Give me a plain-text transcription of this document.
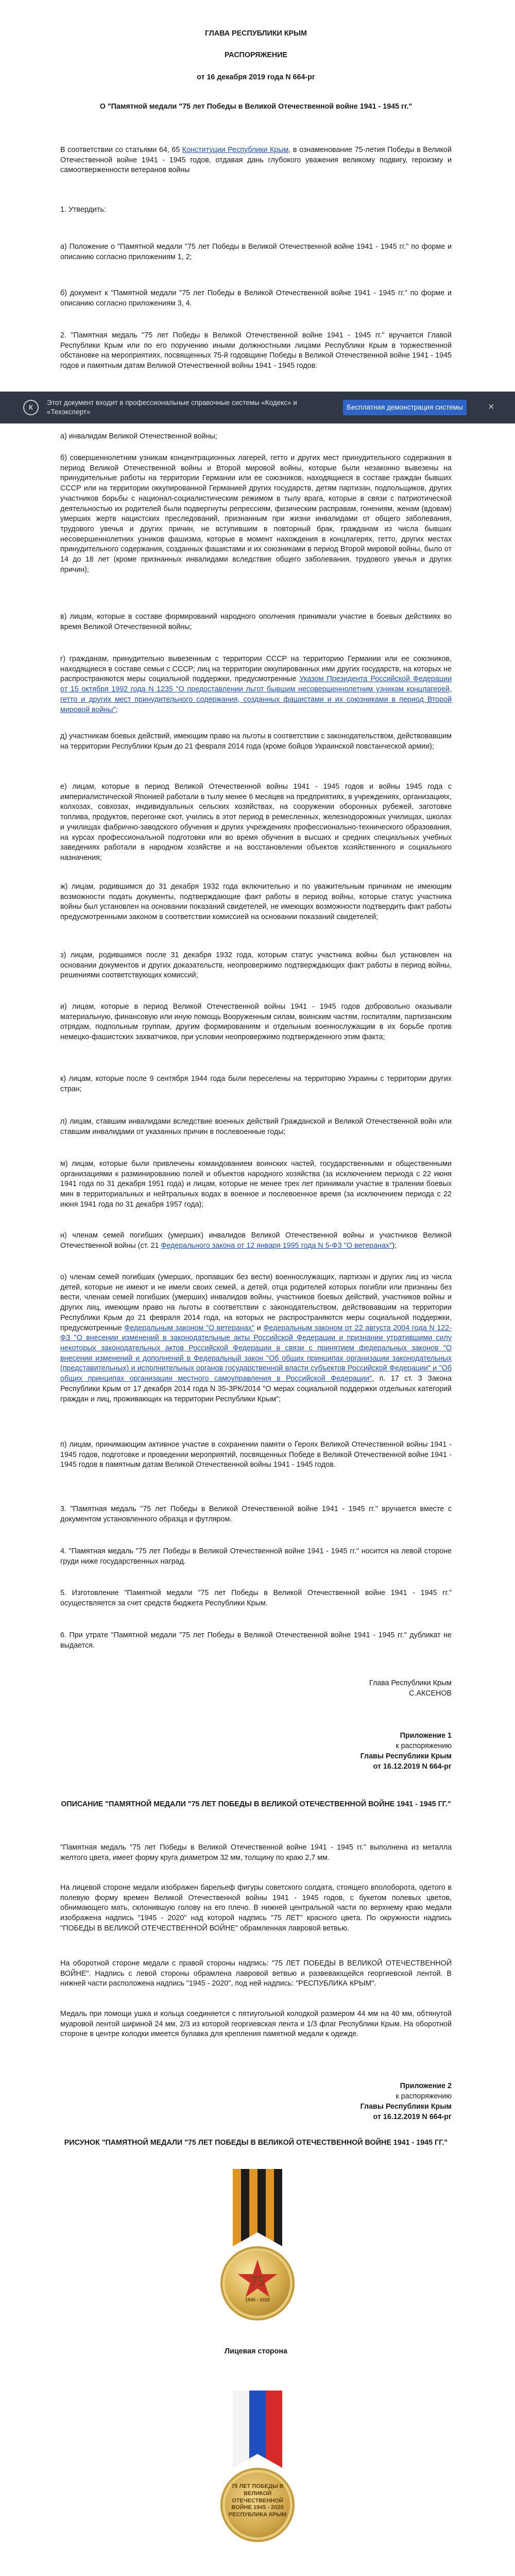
ГЛАВА РЕСПУБЛИКИ КРЫМ
РАСПОРЯЖЕНИЕ
от 16 декабря 2019 года N 664-рг
О "Памятной медали "75 лет Победы в Великой Отечественной войне 1941 - 1945 гг."
В соответствии со статьями 64, 65 Конституции Республики Крым, в ознаменование 75-летия Победы в Великой Отечественной войне 1941 - 1945 годов, отдавая дань глубокого уважения великому подвигу, героизму и самоотверженности ветеранов войны
1. Утвердить:
а) Положение о "Памятной медали "75 лет Победы в Великой Отечественной войне 1941 - 1945 гг." по форме и описанию согласно приложениям 1, 2;
б) документ к "Памятной медали "75 лет Победы в Великой Отечественной войне 1941 - 1945 гг." по форме и описанию согласно приложениям 3, 4.
2. "Памятная медаль "75 лет Победы в Великой Отечественной войне 1941 - 1945 гг." вручается Главой Республики Крым или по его поручению иными должностными лицами Республики Крым в торжественной обстановке на мероприятиях, посвященных 75-й годовщине Победы в Великой Отечественной войне 1941 - 1945 годов и памятным датам Великой Отечественной войны 1941 - 1945 годов:
К
Этот документ входит в профессиональные справочные системы «Кодекс» и «Техэксперт»
Бесплатная демонстрация системы	×
а) инвалидам Великой Отечественной войны;
б) совершеннолетним узникам концентрационных лагерей, гетто и других мест принудительного содержания в период Великой Отечественной войны и Второй мировой войны, которые были незаконно вывезены на принудительные работы на территории Германии или ее союзников, находящиеся в составе граждан бывших СССР или на территории оккупированной Германией других государств, детям партизан, подпольщиков, других участников борьбы с национал-социалистическим режимом в тылу врага, которые в связи с патриотической деятельностью их родителей были подвергнуты репрессиям, физическим расправам, гонениям, женам (вдовам) умерших жертв нацистских преследований, признанным при жизни инвалидами от общего заболевания, трудового увечья и других причин, не вступившим в повторный брак, гражданам из числа бывших несовершеннолетних узников фашизма, которые в момент нахождения в концлагерях, гетто, других местах принудительного содержания, созданных фашистами и их союзниками в период Второй мировой войны, было от 14 до 18 лет (кроме признанных инвалидами вследствие общего заболевания, трудового увечья и других причин);
в) лицам, которые в составе формирований народного ополчения принимали участие в боевых действиях во время Великой Отечественной войны;
г) гражданам, принудительно вывезенным с территории СССР на территорию Германии или ее союзников, находящиеся в составе семьи с СССР; лиц на территории оккупированных ими других государств, на которых не распространяются меры социальной поддержки, предусмотренные Указом Президента Российской Федерации от 15 октября 1992 года N 1235 "О предоставлении льгот бывшим несовершеннолетним узникам концлагерей, гетто и других мест принудительного содержания, созданных фашистами и их союзниками в период Второй мировой войны";
д) участникам боевых действий, имеющим право на льготы в соответствии с законодательством, действовавшим на территории Республики Крым до 21 февраля 2014 года (кроме бойцов Украинской повстанческой армии);
е) лицам, которые в период Великой Отечественной войны 1941 - 1945 годов и войны 1945 года с империалистической Японией работали в тылу менее 6 месяцев на предприятиях, в учреждениях, организациях, колхозах, совхозах, индивидуальных сельских хозяйствах, на сооружении оборонных рубежей, заготовке топлива, продуктов, перегонке скот, учились в этот период в ремесленных, железнодорожных училищах, школах и училищах фабрично-заводского обучения и других учреждениях профессионально-технического образования, на курсах профессиональной подготовки или во время обучения в высших и средних специальных учебных заведениях работали в народном хозяйстве и на восстановлении объектов хозяйственного и социального назначения;
ж) лицам, родившимся до 31 декабря 1932 года включительно и по уважительным причинам не имеющим возможности подать документы, подтверждающие факт работы в период войны, которые статус участника войны был установлен на основании показаний свидетелей, не имеющих возможности подтвердить факт работы предусмотренными законом в соответствии комиссией на основании показаний свидетелей;
з) лицам, родившимся после 31 декабря 1932 года, которым статус участника войны был установлен на основании документов и других доказательств, неопровержимо подтверждающих факт работы в период войны, решениями соответствующих комиссий;
и) лицам, которые в период Великой Отечественной войны 1941 - 1945 годов добровольно оказывали материальную, финансовую или иную помощь Вооруженным силам, воинским частям, госпиталям, партизанским отрядам, подпольным группам, другим формированиям и отдельным военнослужащим в их борьбе против немецко-фашистских захватчиков, при условии неопровержимо подтвержденного этим факта;
к) лицам, которые после 9 сентября 1944 года были переселены на территорию Украины с территории других стран;
л) лицам, ставшим инвалидами вследствие военных действий Гражданской и Великой Отечественной войн или ставшим инвалидами от указанных причин в послевоенные годы;
м) лицам, которые были привлечены командованием воинских частей, государственными и общественными организациями к разминированию полей и объектов народного хозяйства (за исключением периода с 22 июня 1941 года по 31 декабря 1951 года) и лицам, которые не менее трех лет принимали участие в тралении боевых мин в территориальных и нейтральных водах в военное и послевоенное время (за исключением периода с 22 июня 1941 года по 31 декабря 1957 года);
н) членам семей погибших (умерших) инвалидов Великой Отечественной войны и участников Великой Отечественной войны (ст. 21 Федерального закона от 12 января 1995 года N 5-ФЗ "О ветеранах");
о) членам семей погибших (умерших, пропавших без вести) военнослужащих, партизан и других лиц из числа детей, которые не имеют и не имели своих семей, а детей, отца родителей которых погибли или признаны без вести, членам семей погибших (умерших) инвалидов войны, участников боевых действий, участников войны и других лиц, имеющим право на льготы в соответствии с законодательством, действовавшим на территории Республики Крым до 21 февраля 2014 года, на которых не распространяются меры социальной поддержки, предусмотренные Федеральным законом "О ветеранах" и Федеральным законом от 22 августа 2004 года N 122-ФЗ "О внесении изменений в законодательные акты Российской Федерации и признании утратившими силу некоторых законодательных актов Российской Федерации в связи с принятием федеральных законов "О внесении изменений и дополнений в Федеральный закон "Об общих принципах организации законодательных (представительных) и исполнительных органов государственной власти субъектов Российской Федерации" и "Об общих принципах организации местного самоуправления в Российской Федерации", п. 17 ст. 3 Закона Республики Крым от 17 декабря 2014 года N 35-ЗРК/2014 "О мерах социальной поддержки отдельных категорий граждан и лиц, проживающих на территории Республики Крым";
п) лицам, принимающим активное участие в сохранении памяти о Героях Великой Отечественной войны 1941 - 1945 годов, подготовке и проведении мероприятий, посвященных Победе в Великой Отечественной войне 1941 - 1945 годов в памятным датам Великой Отечественной войны 1941 - 1945 годов.
3. "Памятная медаль "75 лет Победы в Великой Отечественной войне 1941 - 1945 гг." вручается вместе с документом установленного образца и футляром.
4. "Памятная медаль "75 лет Победы в Великой Отечественной войне 1941 - 1945 гг." носится на левой стороне груди ниже государственных наград.
5. Изготовление "Памятной медали "75 лет Победы в Великой Отечественной войне 1941 - 1945 гг." осуществляется за счет средств бюджета Республики Крым.
6. При утрате "Памятной медали "75 лет Победы в Великой Отечественной войне 1941 - 1945 гг." дубликат не выдается.
Глава Республики Крым
С.АКСЕНОВ
Приложение 1
к распоряжению
Главы Республики Крым
от 16.12.2019 N 664-рг
ОПИСАНИЕ "ПАМЯТНОЙ МЕДАЛИ "75 ЛЕТ ПОБЕДЫ В ВЕЛИКОЙ ОТЕЧЕСТВЕННОЙ ВОЙНЕ 1941 - 1945 ГГ."
"Памятная медаль "75 лет Победы в Великой Отечественной войне 1941 - 1945 гг." выполнена из металла желтого цвета, имеет форму круга диаметром 32 мм, толщину по краю 2,7 мм.
На лицевой стороне медали изображен барельеф фигуры советского солдата, стоящего вполоборота, одетого в полевую форму времен Великой Отечественной войны 1941 - 1945 годов, с букетом полевых цветов, обнимающего мать, склонившую голову на его плечо. В нижней центральной части по верхнему краю медали изображена надпись "1945 - 2020" над которой надпись "75 ЛЕТ" красного цвета. По окружности надпись "ПОБЕДЫ В ВЕЛИКОЙ ОТЕЧЕСТВЕННОЙ ВОЙНЕ" обрамленная лавровой ветвью.
На оборотной стороне медали с правой стороны надпись: "75 ЛЕТ ПОБЕДЫ В ВЕЛИКОЙ ОТЕЧЕСТВЕННОЙ ВОЙНЕ". Надпись с левой стороны обрамлена лавровой ветвью и развевающейся георгиевской лентой. В нижней части расположена надпись "1945 - 2020", под ней надпись: "РЕСПУБЛИКА КРЫМ".
Медаль при помощи ушка и кольца соединяется с пятиугольной колодкой размером 44 мм на 40 мм, обтянутой муаровой лентой шириной 24 мм, 2/3 из которой георгиевская лента и 1/3 флаг Республики Крым. На оборотной стороне в центре колодки имеется булавка для крепления памятной медали к одежде.
Приложение 2
к распоряжению
Главы Республики Крым
от 16.12.2019 N 664-рг
РИСУНОК "ПАМЯТНОЙ МЕДАЛИ "75 ЛЕТ ПОБЕДЫ В ВЕЛИКОЙ ОТЕЧЕСТВЕННОЙ ВОЙНЕ 1941 - 1945 ГГ."
75
1945 - 2020
Лицевая сторона
75 ЛЕТ ПОБЕДЫ В ВЕЛИКОЙ ОТЕЧЕСТВЕННОЙ ВОЙНЕ 1945 - 2020 РЕСПУБЛИКА КРЫМ
